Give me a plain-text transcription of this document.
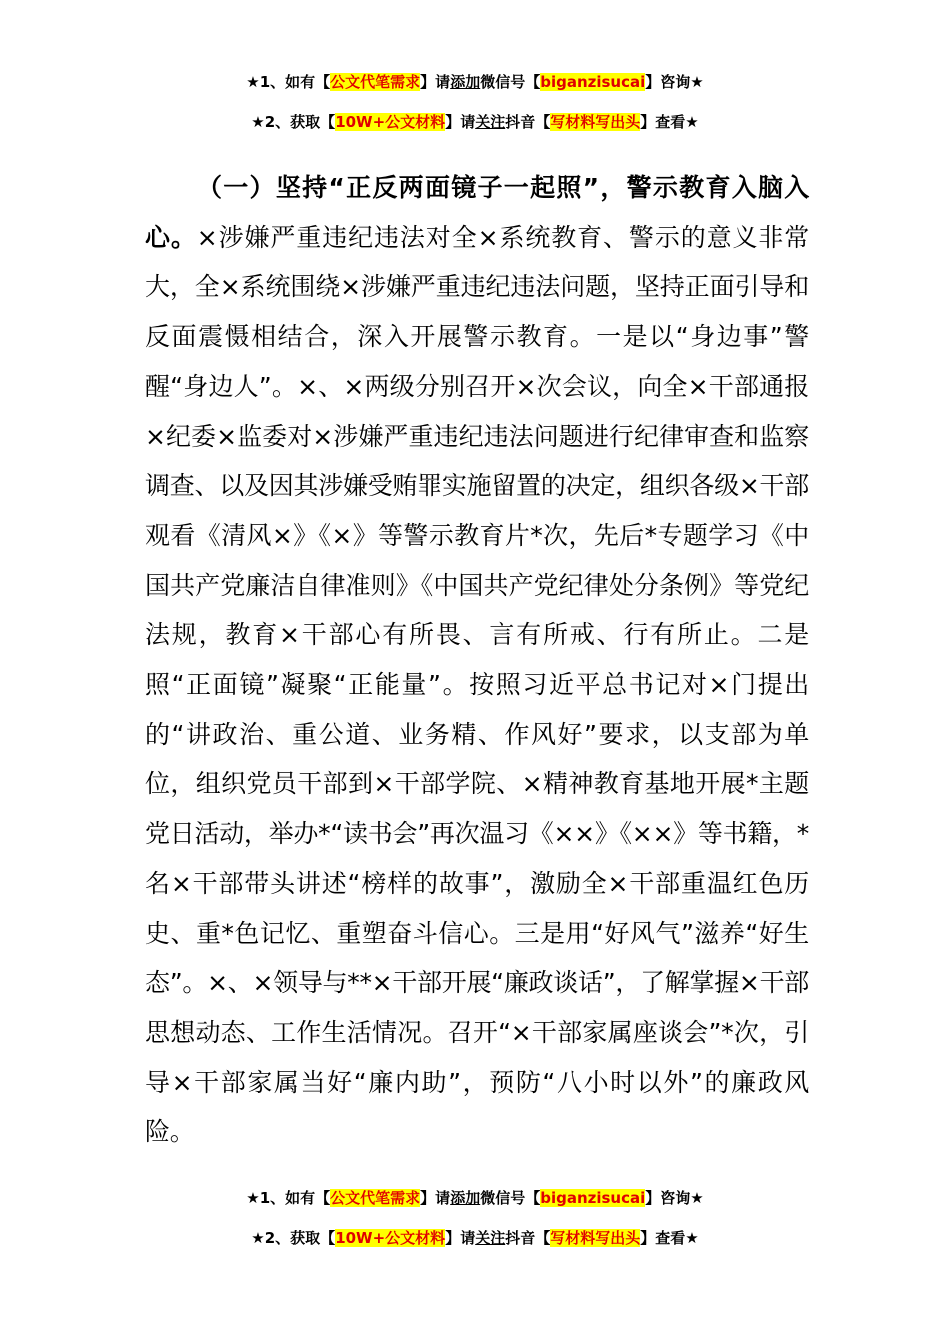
★1、如有【公文代笔需求】请添加微信号【biganzisucai】咨询★
★2、获取【10W+公文材料】请关注抖音【写材料写出头】查看★
（一）坚持“正反两面镜子一起照”，警示教育入脑入心。×涉嫌严重违纪违法对全×系统教育、警示的意义非常大，全×系统围绕×涉嫌严重违纪违法问题，坚持正面引导和反面震慑相结合，深入开展警示教育。一是以“身边事”警醒“身边人”。×、×两级分别召开×次会议，向全×干部通报×纪委×监委对×涉嫌严重违纪违法问题进行纪律审查和监察调查、以及因其涉嫌受贿罪实施留置的决定，组织各级×干部观看《清风×》《×》等警示教育片*次，先后*专题学习《中国共产党廉洁自律准则》《中国共产党纪律处分条例》等党纪法规，教育×干部心有所畏、言有所戒、行有所止。二是照“正面镜”凝聚“正能量”。按照习近平总书记对×门提出的“讲政治、重公道、业务精、作风好”要求，以支部为单位，组织党员干部到×干部学院、×精神教育基地开展*主题党日活动，举办*“读书会”再次温习《××》《××》等书籍，*名×干部带头讲述“榜样的故事”，激励全×干部重温红色历史、重*色记忆、重塑奋斗信心。三是用“好风气”滋养“好生态”。×、×领导与**×干部开展“廉政谈话”，了解掌握×干部思想动态、工作生活情况。召开“×干部家属座谈会”*次，引导×干部家属当好“廉内助”，预防“八小时以外”的廉政风险。
★1、如有【公文代笔需求】请添加微信号【biganzisucai】咨询★
★2、获取【10W+公文材料】请关注抖音【写材料写出头】查看★
